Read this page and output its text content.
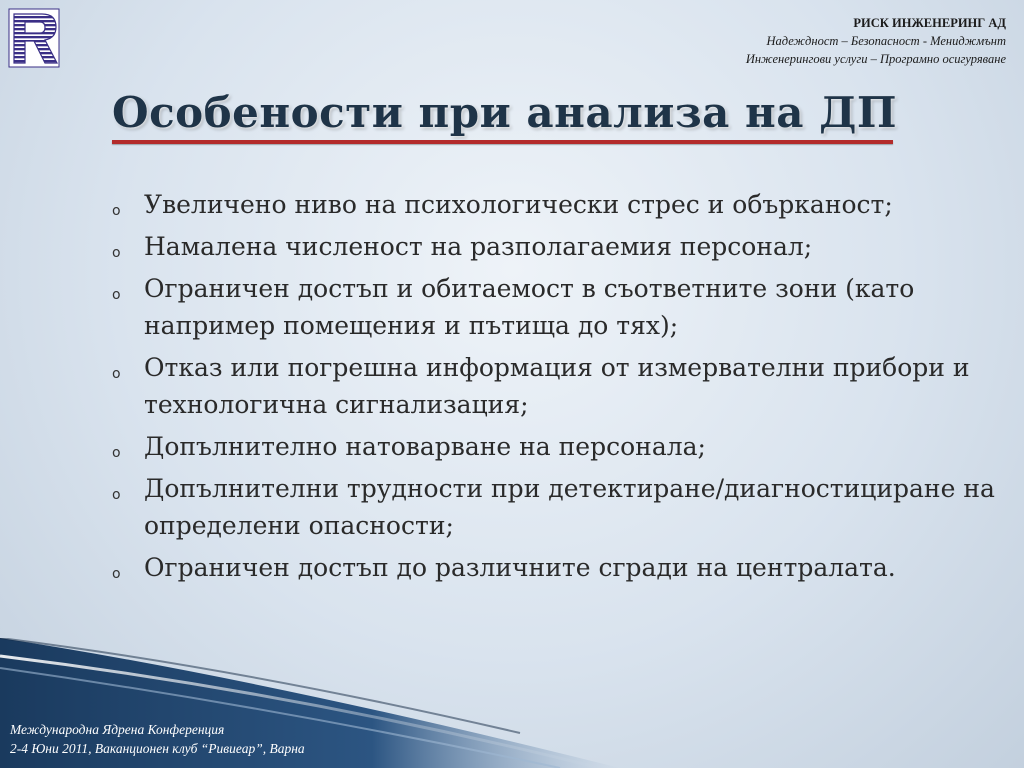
РИСК ИНЖЕНЕРИНГ АД
Надеждност – Безопасност - Мениджмънт
Инженерингови услуги – Програмно осигуряване
Особености при анализа на ДП
o Увеличено ниво на психологически стрес и обърканост;
o Намалена численост на разполагаемия персонал;
o Ограничен достъп и обитаемост в съответните зони (като например помещения и пътища до тях);
o Отказ или погрешна информация от измервателни прибори и технологична сигнализация;
o Допълнително натоварване на персонала;
o Допълнителни трудности при детектиране/диагностициране на определени опасности;
o Ограничен достъп до различните сгради на централата.
Международна Ядрена Конференция
2-4 Юни 2011, Ваканционен клуб “Ривиеар”, Варна
